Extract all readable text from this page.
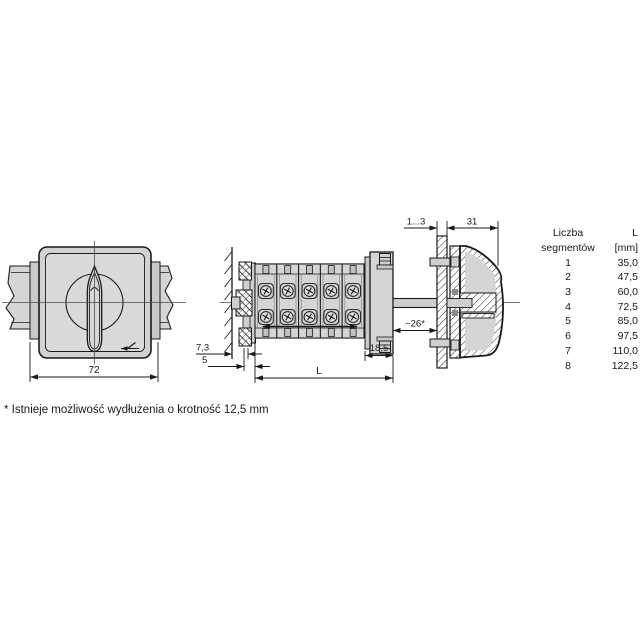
72
7,3
5
L
18,5
1...3	31
~26*
Liczba	L
segmentów	[mm]
1	35,0
2	47,5
3	60,0
4	72,5
5	85,0
6	97,5
7	110,0
8	122,5
* Istnieje możliwość wydłużenia o krotność 12,5 mm
